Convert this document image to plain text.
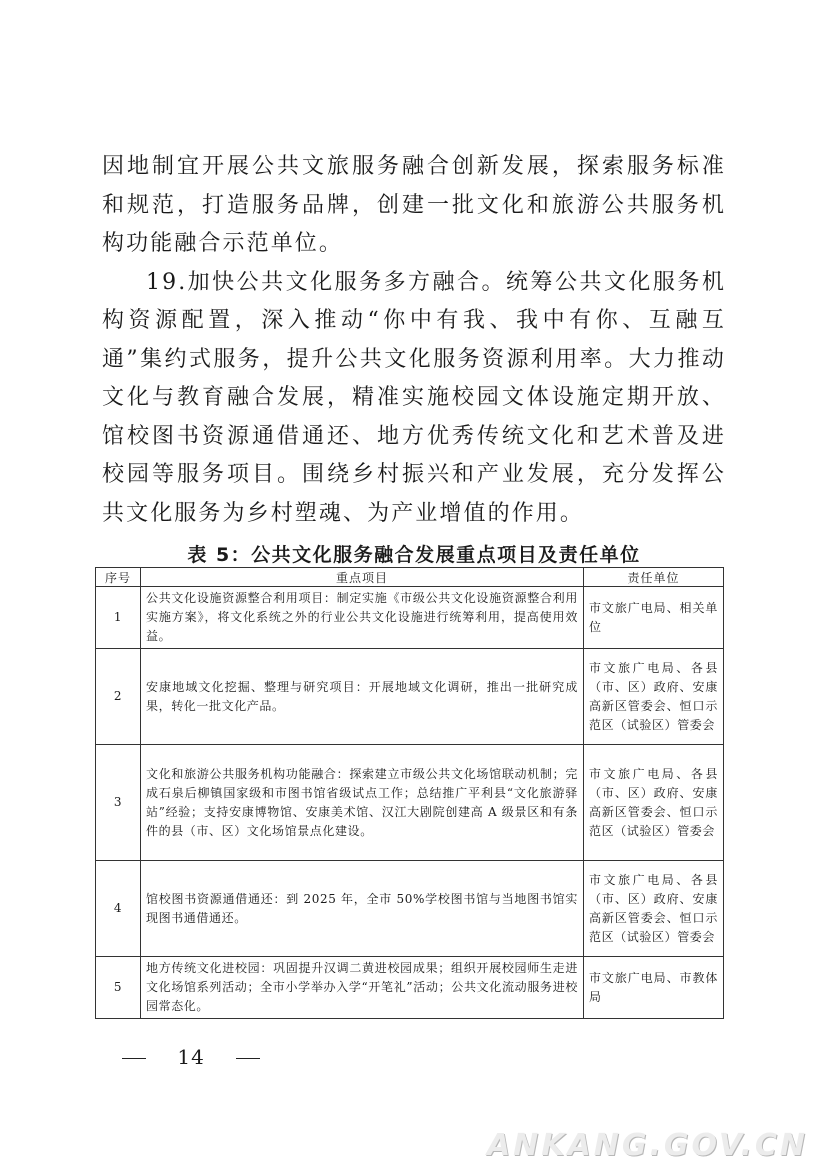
因地制宜开展公共文旅服务融合创新发展，探索服务标准和规范，打造服务品牌，创建一批文化和旅游公共服务机构功能融合示范单位。

19.加快公共文化服务多方融合。统筹公共文化服务机构资源配置，深入推动“你中有我、我中有你、互融互通”集约式服务，提升公共文化服务资源利用率。大力推动文化与教育融合发展，精准实施校园文体设施定期开放、馆校图书资源通借通还、地方优秀传统文化和艺术普及进校园等服务项目。围绕乡村振兴和产业发展，充分发挥公共文化服务为乡村塑魂、为产业增值的作用。

表 5：公共文化服务融合发展重点项目及责任单位
序号	重点项目	责任单位
1	公共文化设施资源整合利用项目：制定实施《市级公共文化设施资源整合利用实施方案》，将文化系统之外的行业公共文化设施进行统筹利用，提高使用效益。	市文旅广电局、相关单位
2	安康地域文化挖掘、整理与研究项目：开展地域文化调研，推出一批研究成果，转化一批文化产品。	市文旅广电局、各县（市、区）政府、安康高新区管委会、恒口示范区（试验区）管委会
3	文化和旅游公共服务机构功能融合：探索建立市级公共文化场馆联动机制；完成石泉后柳镇国家级和市图书馆省级试点工作；总结推广平利县“文化旅游驿站”经验；支持安康博物馆、安康美术馆、汉江大剧院创建高 A 级景区和有条件的县（市、区）文化场馆景点化建设。	市文旅广电局、各县（市、区）政府、安康高新区管委会、恒口示范区（试验区）管委会
4	馆校图书资源通借通还：到 2025 年，全市 50%学校图书馆与当地图书馆实现图书通借通还。	市文旅广电局、各县（市、区）政府、安康高新区管委会、恒口示范区（试验区）管委会
5	地方传统文化进校园：巩固提升汉调二黄进校园成果；组织开展校园师生走进文化场馆系列活动；全市小学举办入学“开笔礼”活动；公共文化流动服务进校园常态化。	市文旅广电局、市教体局
14
ANKANG.GOV.CN
